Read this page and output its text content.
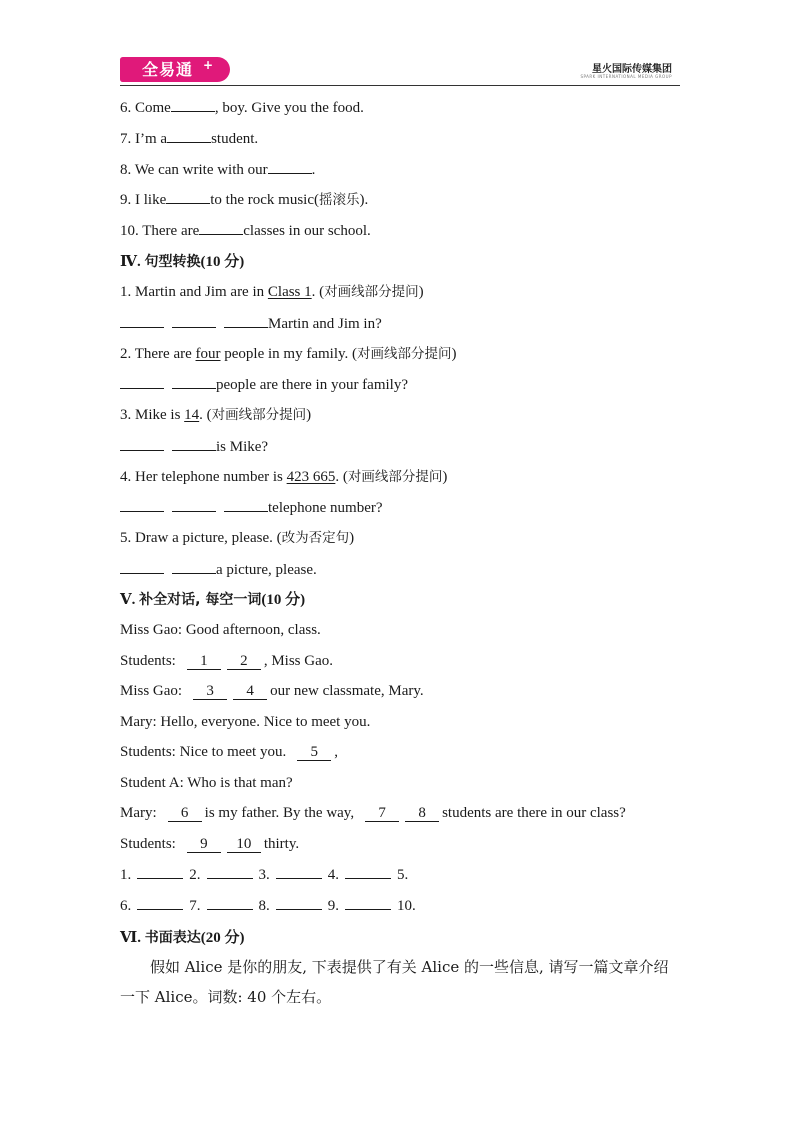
全易通 +	星火国际传媒集团
SPARK INTERNATIONAL MEDIA GROUP
6. Come	, boy. Give you the food.
7. I’m a	student.
8. We can write with our	.
9. I like	to the rock music(摇滚乐).
10. There are	classes in our school.
Ⅳ. 句型转换(10 分)
1. Martin and Jim are in Class 1. (对画线部分提问)
Martin and Jim in?
2. There are four people in my family. (对画线部分提问)
people are there in your family?
3. Mike is 14. (对画线部分提问)
is Mike?
4. Her telephone number is 423 665. (对画线部分提问)
telephone number?
5. Draw a picture, please. (改为否定句)
a picture, please.
Ⅴ. 补全对话, 每空一词(10 分)
Miss Gao: Good afternoon, class.
Students: 1 2 , Miss Gao.
Miss Gao: 3 4 our new classmate, Mary.
Mary: Hello, everyone. Nice to meet you.
Students: Nice to meet you. 5 ,
Student A: Who is that man?
Mary: 6 is my father. By the way, 7 8 students are there in our class?
Students: 9 10 thirty.
1.	2.	3.	4.	5.
6.	7.	8.	9.	10.
Ⅵ. 书面表达(20 分)
假如 Alice 是你的朋友, 下表提供了有关 Alice 的一些信息, 请写一篇文章介绍一下 Alice。词数: 40 个左右。
